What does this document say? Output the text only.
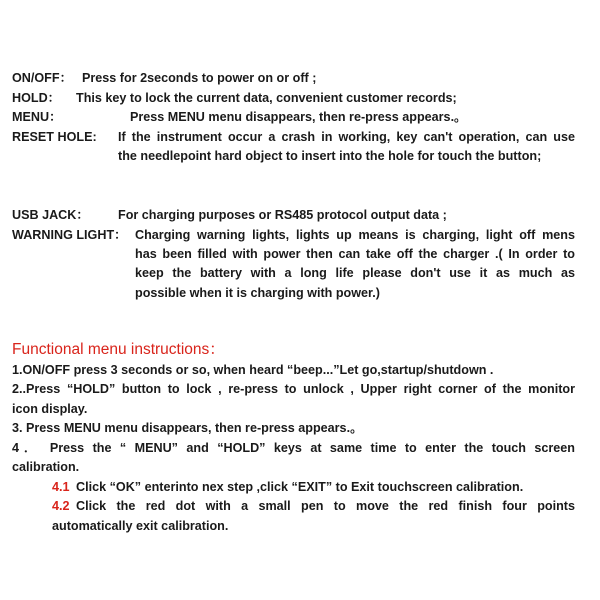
ON/OFF： Press for 2seconds to power on or off ;
HOLD： This key to lock the current data, convenient customer records;
MENU：	Press MENU menu disappears, then re-press appears.。
RESET HOLE: If the instrument occur a crash in working, key can't operation, can use
the needlepoint hard object to insert into the hole for touch the button;
USB JACK： For charging purposes or RS485 protocol output data ;
WARNING LIGHT： Charging warning lights, lights up means is charging, light off mens
has been filled with power then can take off the charger .( In order to
keep the battery with a long life please don't use it as much as
possible when it is charging with power.)
Functional menu instructions：
1.ON/OFF press 3 seconds or so, when heard “beep...”Let go,startup/shutdown .
2..Press “HOLD” button to lock , re-press to unlock , Upper right corner of the monitor
icon display.
3. Press MENU menu disappears, then re-press appears.。
4． Press the “ MENU” and “HOLD” keys at same time to enter the touch screen
calibration.
4.1 Click “OK” enterinto nex step ,click “EXIT” to Exit touchscreen calibration.
4.2 Click the red dot with a small pen to move the red finish four points
automatically exit calibration.
